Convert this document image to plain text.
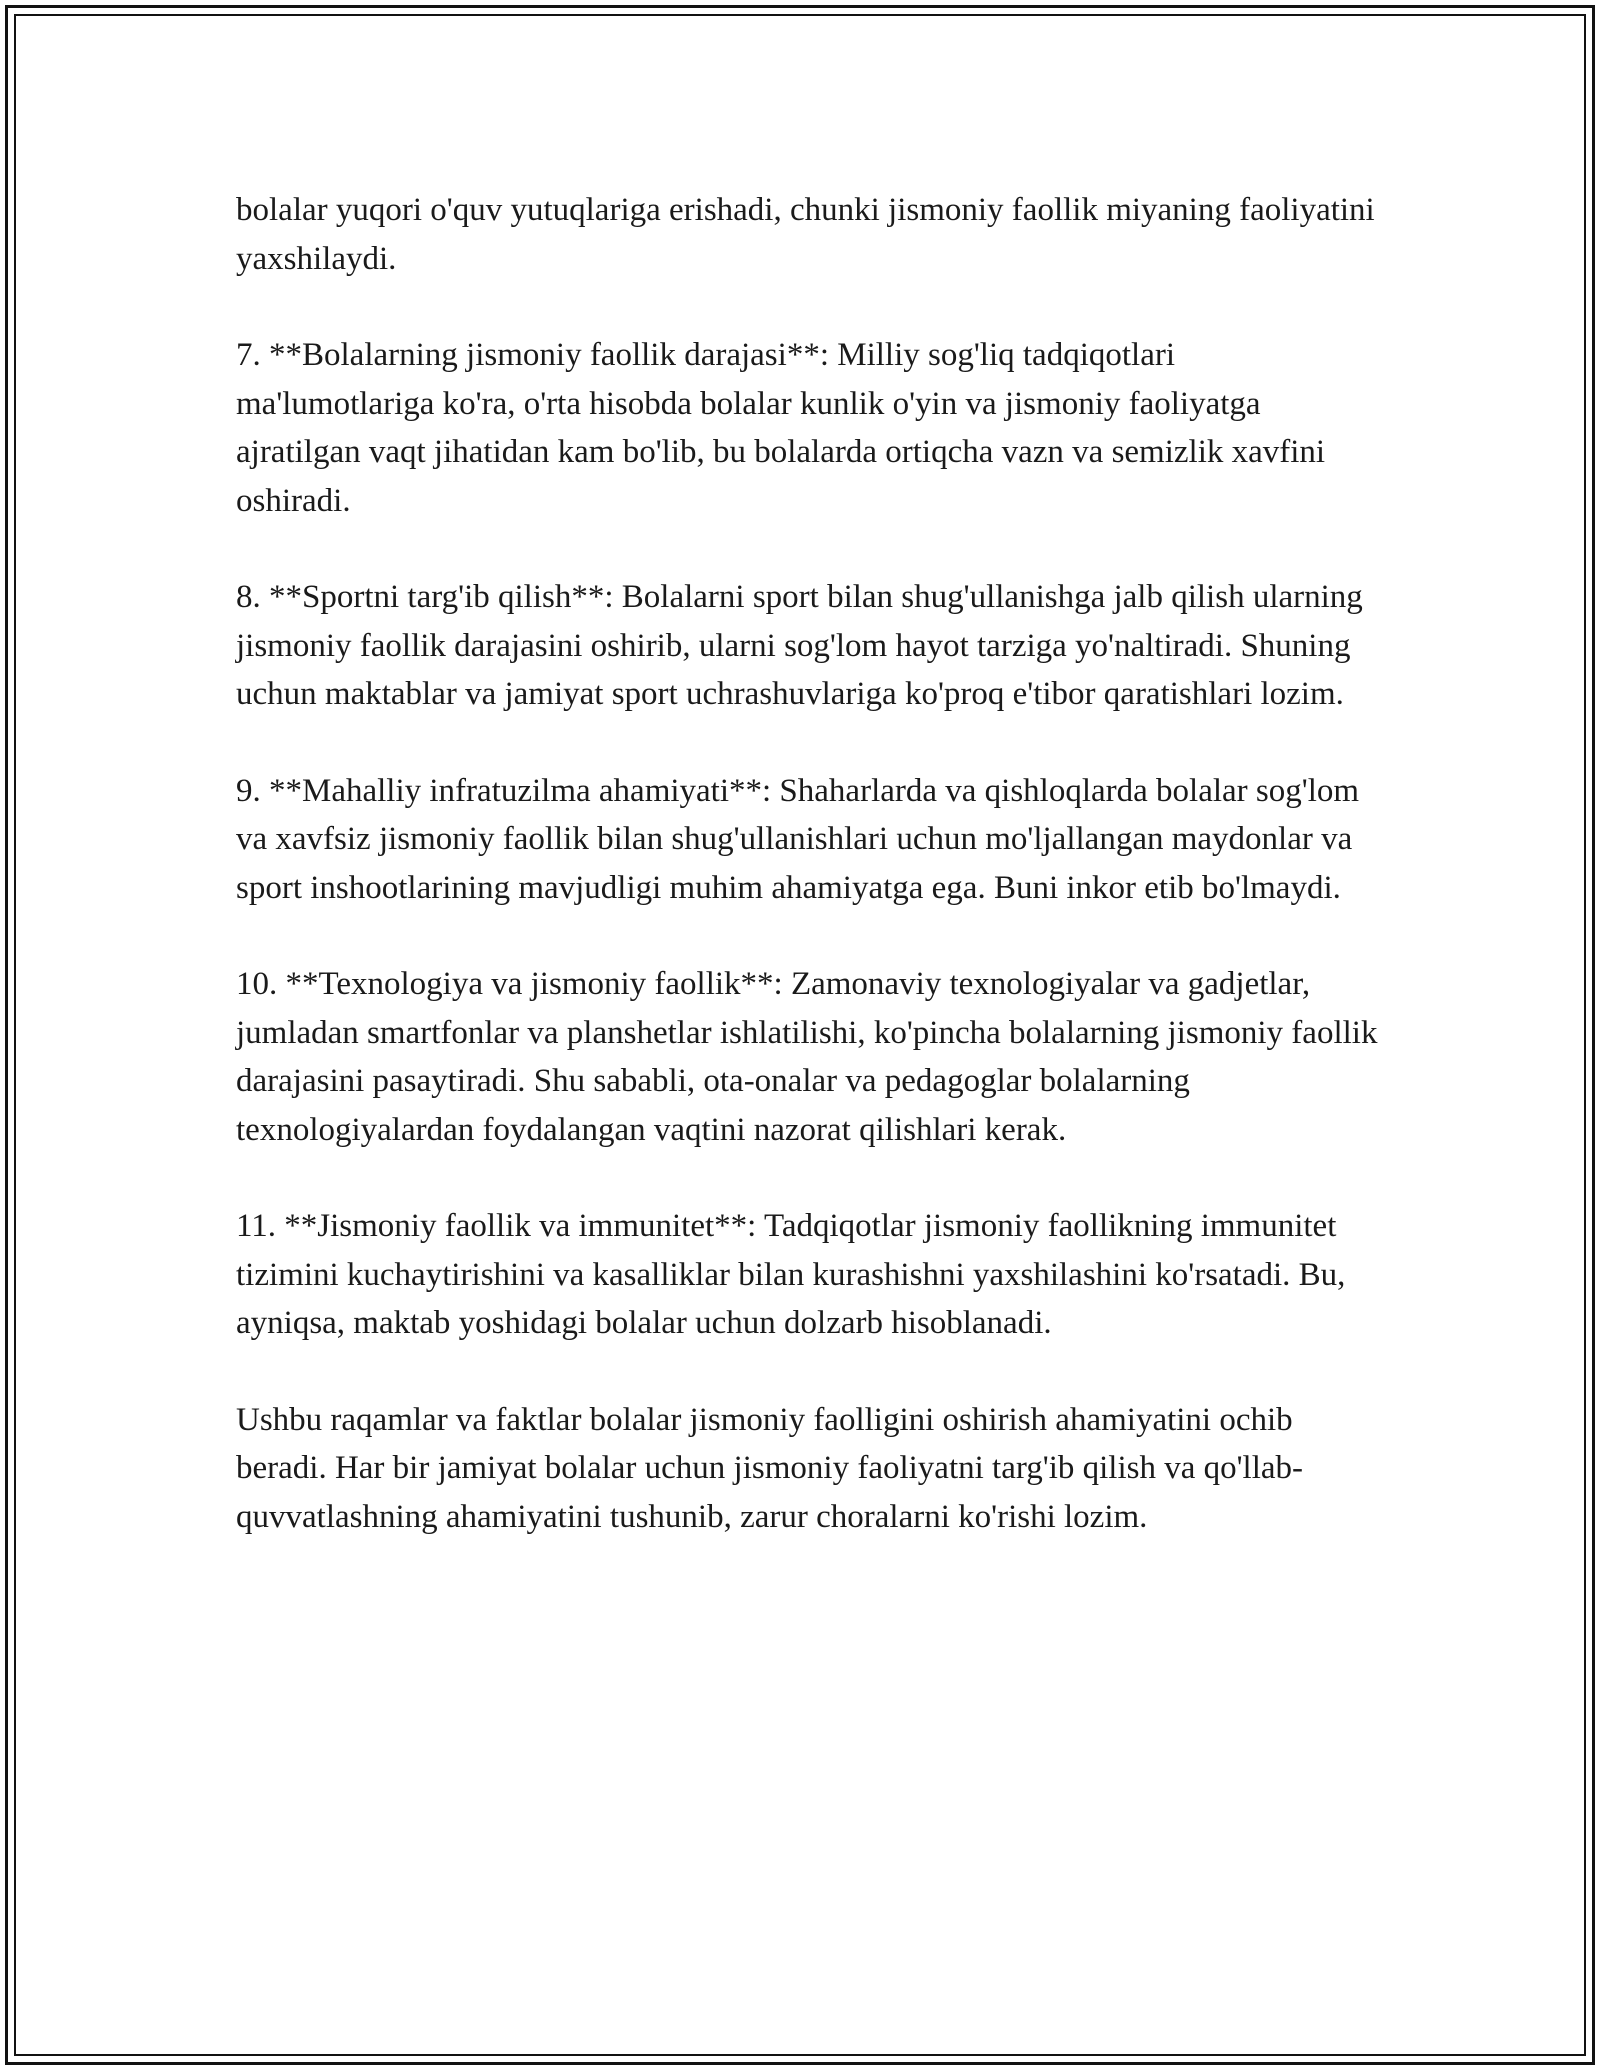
bolalar yuqori o'quv yutuqlariga erishadi, chunki jismoniy faollik miyaning faoliyatini yaxshilaydi.

7. **Bolalarning jismoniy faollik darajasi**: Milliy sog'liq tadqiqotlari ma'lumotlariga ko'ra, o'rta hisobda bolalar kunlik o'yin va jismoniy faoliyatga ajratilgan vaqt jihatidan kam bo'lib, bu bolalarda ortiqcha vazn va semizlik xavfini oshiradi.

8. **Sportni targ'ib qilish**: Bolalarni sport bilan shug'ullanishga jalb qilish ularning jismoniy faollik darajasini oshirib, ularni sog'lom hayot tarziga yo'naltiradi. Shuning uchun maktablar va jamiyat sport uchrashuvlariga ko'proq e'tibor qaratishlari lozim.

9. **Mahalliy infratuzilma ahamiyati**: Shaharlarda va qishloqlarda bolalar sog'lom va xavfsiz jismoniy faollik bilan shug'ullanishlari uchun mo'ljallangan maydonlar va sport inshootlarining mavjudligi muhim ahamiyatga ega. Buni inkor etib bo'lmaydi.

10. **Texnologiya va jismoniy faollik**: Zamonaviy texnologiyalar va gadjetlar, jumladan smartfonlar va planshetlar ishlatilishi, ko'pincha bolalarning jismoniy faollik darajasini pasaytiradi. Shu sababli, ota-onalar va pedagoglar bolalarning texnologiyalardan foydalangan vaqtini nazorat qilishlari kerak.

11. **Jismoniy faollik va immunitet**: Tadqiqotlar jismoniy faollikning immunitet tizimini kuchaytirishini va kasalliklar bilan kurashishni yaxshilashini ko'rsatadi. Bu, ayniqsa, maktab yoshidagi bolalar uchun dolzarb hisoblanadi.

Ushbu raqamlar va faktlar bolalar jismoniy faolligini oshirish ahamiyatini ochib beradi. Har bir jamiyat bolalar uchun jismoniy faoliyatni targ'ib qilish va qo'llab-quvvatlashning ahamiyatini tushunib, zarur choralarni ko'rishi lozim.
